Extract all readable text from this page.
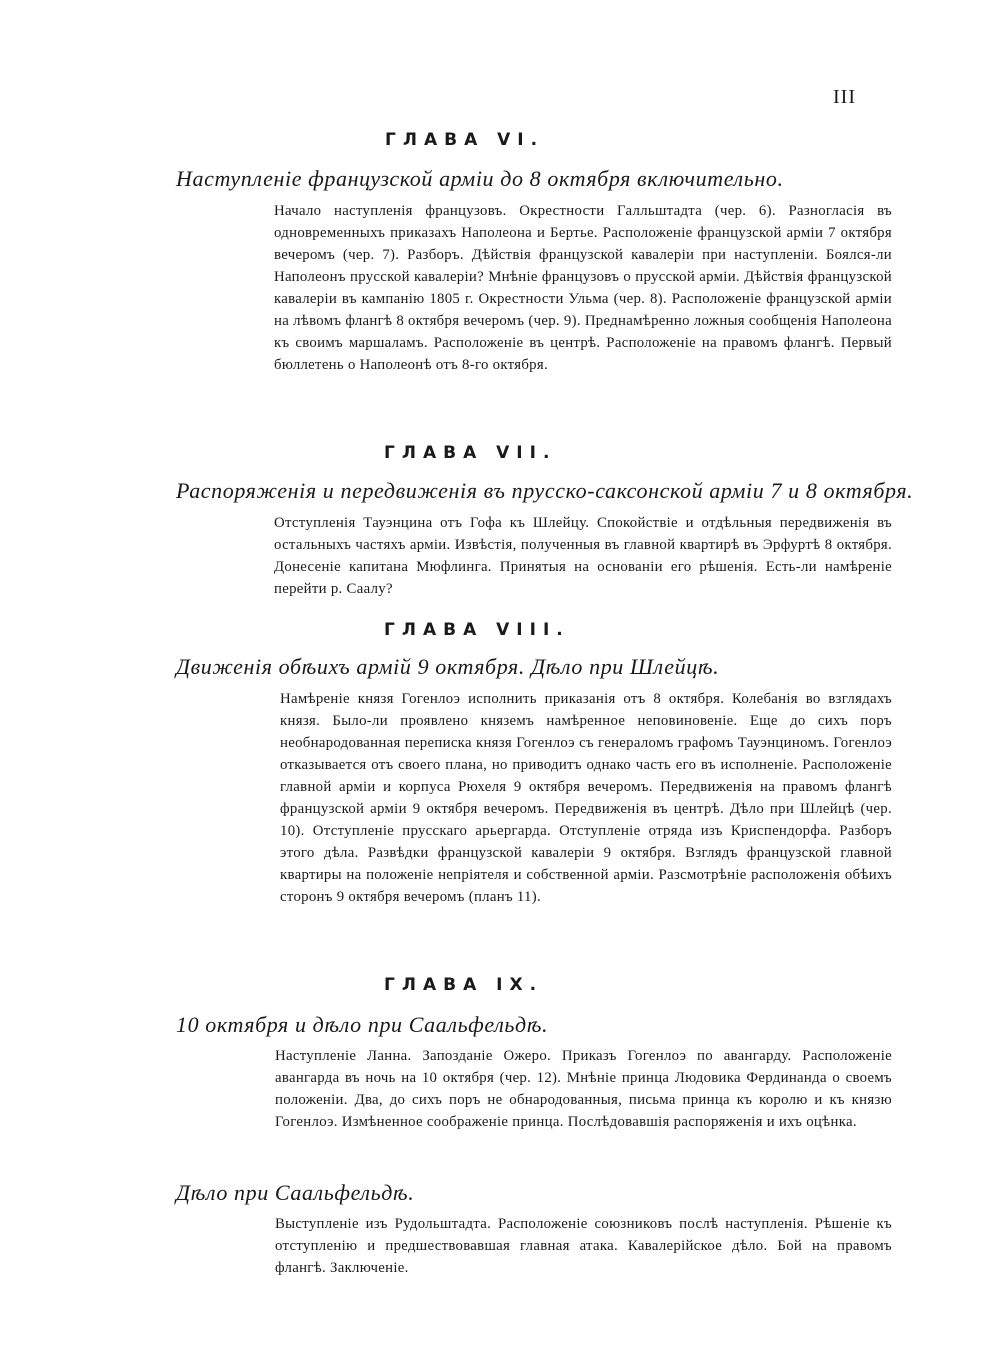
III
ГЛАВА VI.
Наступленіе французской арміи до 8 октября включительно.
Начало наступленія французовъ. Окрестности Галльштадта (чер. 6). Разногласія въ одновременныхъ приказахъ Наполеона и Бертье. Расположеніе французской арміи 7 октября вечеромъ (чер. 7). Разборъ. Дѣйствія французской кавалеріи при наступленіи. Боялся-ли Наполеонъ прусской кавалеріи? Мнѣніе французовъ о прусской арміи. Дѣйствія французской кавалеріи въ кампанію 1805 г. Окрестности Ульма (чер. 8). Расположеніе французской арміи на лѣвомъ флангѣ 8 октября вечеромъ (чер. 9). Преднамѣренно ложныя сообщенія Наполеона къ своимъ маршаламъ. Расположеніе въ центрѣ. Расположеніе на правомъ флангѣ. Первый бюллетень о Наполеонѣ отъ 8-го октября.
ГЛАВА VII.
Распоряженія и передвиженія въ прусско-саксонской арміи 7 и 8 октября.
Отступленія Тауэнцина отъ Гофа къ Шлейцу. Спокойствіе и отдѣльныя передвиженія въ остальныхъ частяхъ арміи. Извѣстія, полученныя въ главной квартирѣ въ Эрфуртѣ 8 октября. Донесеніе капитана Мюфлинга. Принятыя на основаніи его рѣшенія. Есть-ли намѣреніе перейти р. Саалу?
ГЛАВА VIII.
Движенія обѣихъ армій 9 октября. Дѣло при Шлейцѣ.
Намѣреніе князя Гогенлоэ исполнить приказанія отъ 8 октября. Колебанія во взглядахъ князя. Было-ли проявлено княземъ намѣренное неповиновеніе. Еще до сихъ поръ необнародованная переписка князя Гогенлоэ съ генераломъ графомъ Тауэнциномъ. Гогенлоэ отказывается отъ своего плана, но приводитъ однако часть его въ исполненіе. Расположеніе главной арміи и корпуса Рюхеля 9 октября вечеромъ. Передвиженія на правомъ флангѣ французской арміи 9 октября вечеромъ. Передвиженія въ центрѣ. Дѣло при Шлейцѣ (чер. 10). Отступленіе прусскаго арьергарда. Отступленіе отряда изъ Криспендорфа. Разборъ этого дѣла. Развѣдки французской кавалеріи 9 октября. Взглядъ французской главной квартиры на положеніе непріятеля и собственной арміи. Разсмотрѣніе расположенія обѣихъ сторонъ 9 октября вечеромъ (планъ 11).
ГЛАВА IX.
10 октября и дѣло при Саальфельдѣ.
Наступленіе Ланна. Запозданіе Ожеро. Приказъ Гогенлоэ по авангарду. Расположеніе авангарда въ ночь на 10 октября (чер. 12). Мнѣніе принца Людовика Фердинанда о своемъ положеніи. Два, до сихъ поръ не обнародованныя, письма принца къ королю и къ князю Гогенлоэ. Измѣненное соображеніе принца. Послѣдовавшія распоряженія и ихъ оцѣнка.
Дѣло при Саальфельдѣ.
Выступленіе изъ Рудольштадта. Расположеніе союзниковъ послѣ наступленія. Рѣшеніе къ отступленію и предшествовавшая главная атака. Кавалерійское дѣло. Бой на правомъ флангѣ. Заключеніе.
